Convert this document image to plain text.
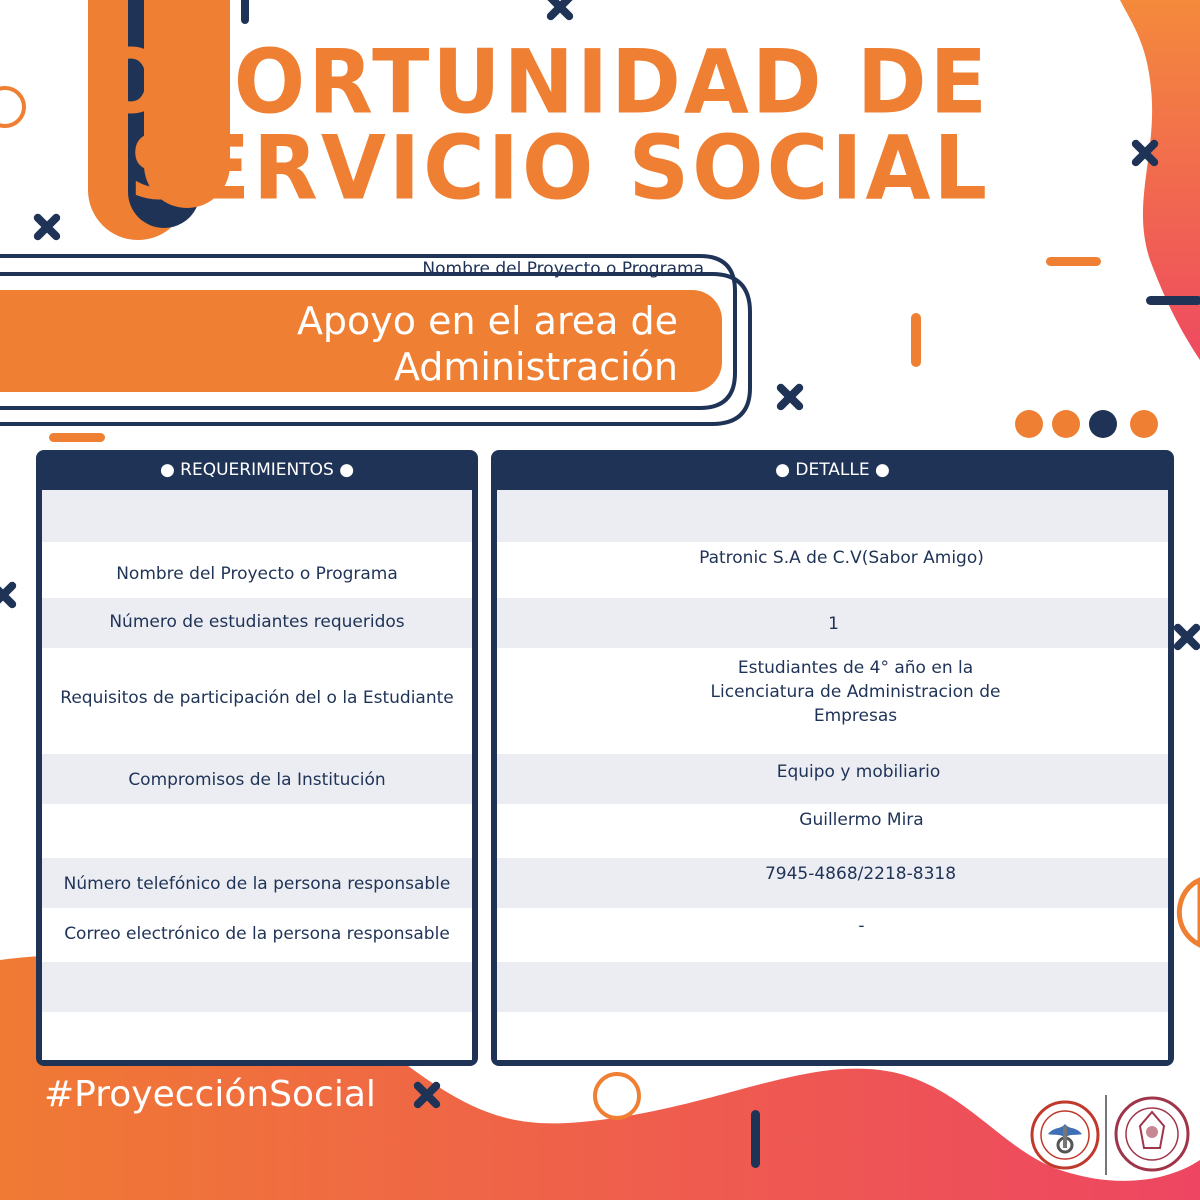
OPORTUNIDAD DE
SERVICIO SOCIAL
Nombre del Proyecto o Programa
Apoyo en el area de
Administración
● REQUERIMIENTOS ●
Nombre del Proyecto o Programa
Número de estudiantes requeridos
Requisitos de participación del o la Estudiante
Compromisos de la Institución
Número telefónico de la persona responsable
Correo electrónico de la persona responsable
● DETALLE ●
Patronic S.A de C.V(Sabor Amigo)
1
Estudiantes de 4° año en la
Licenciatura de Administracion de
Empresas
Equipo y mobiliario
Guillermo Mira
7945-4868/2218-8318
-
#ProyecciónSocial
